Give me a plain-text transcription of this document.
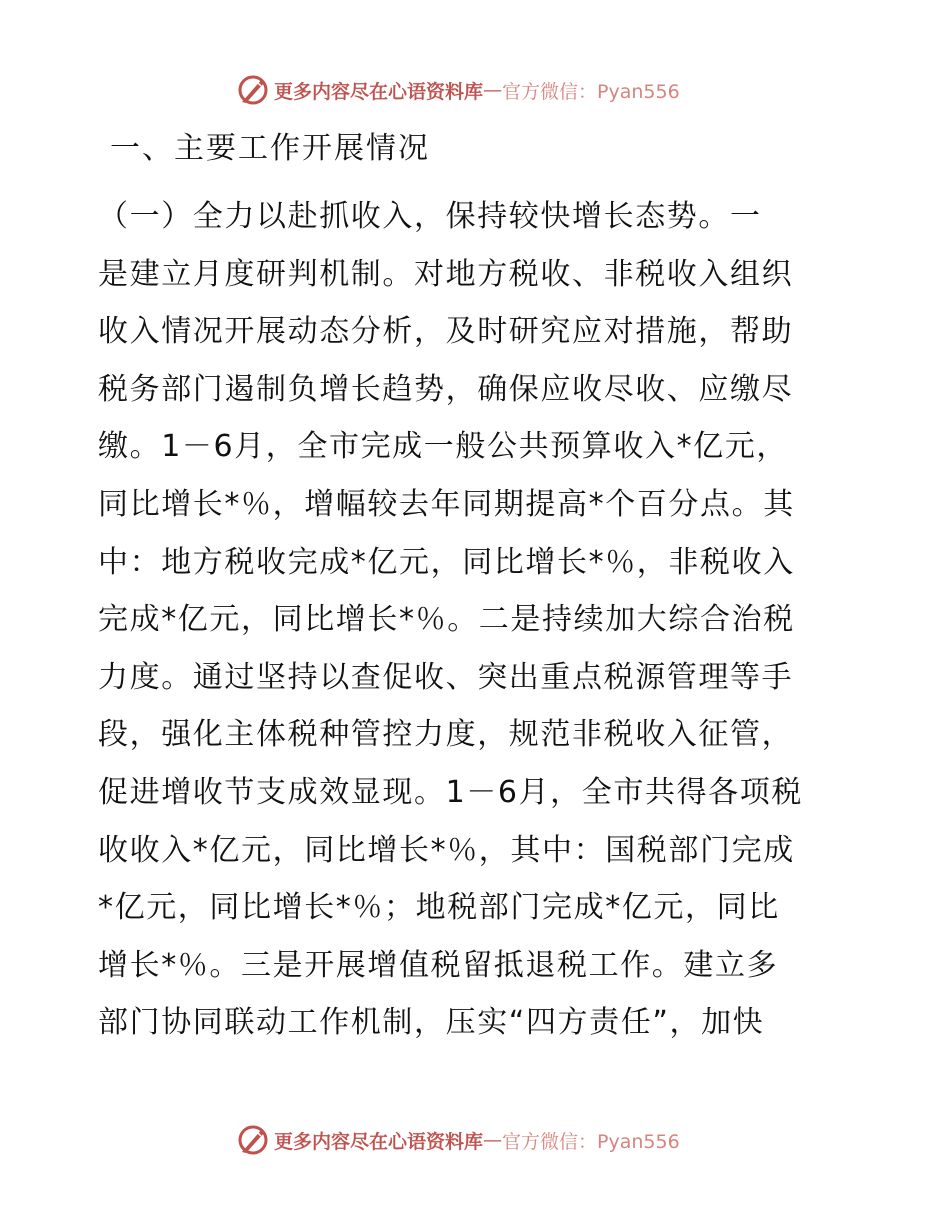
更多内容尽在心语资料库 — 官方微信：Pyan556
一、主要工作开展情况
（一）全力以赴抓收入，保持较快增长态势。一
是建立月度研判机制。对地方税收、非税收入组织
收入情况开展动态分析，及时研究应对措施，帮助
税务部门遏制负增长趋势，确保应收尽收、应缴尽
缴。1－6月，全市完成一般公共预算收入*亿元，
同比增长*％，增幅较去年同期提高*个百分点。其
中：地方税收完成*亿元，同比增长*％，非税收入
完成*亿元，同比增长*％。二是持续加大综合治税
力度。通过坚持以查促收、突出重点税源管理等手
段，强化主体税种管控力度，规范非税收入征管，
促进增收节支成效显现。1－6月，全市共得各项税
收收入*亿元，同比增长*％，其中：国税部门完成
*亿元，同比增长*％；地税部门完成*亿元，同比
增长*％。三是开展增值税留抵退税工作。建立多
部门协同联动工作机制，压实“四方责任”，加快
更多内容尽在心语资料库 — 官方微信：Pyan556
